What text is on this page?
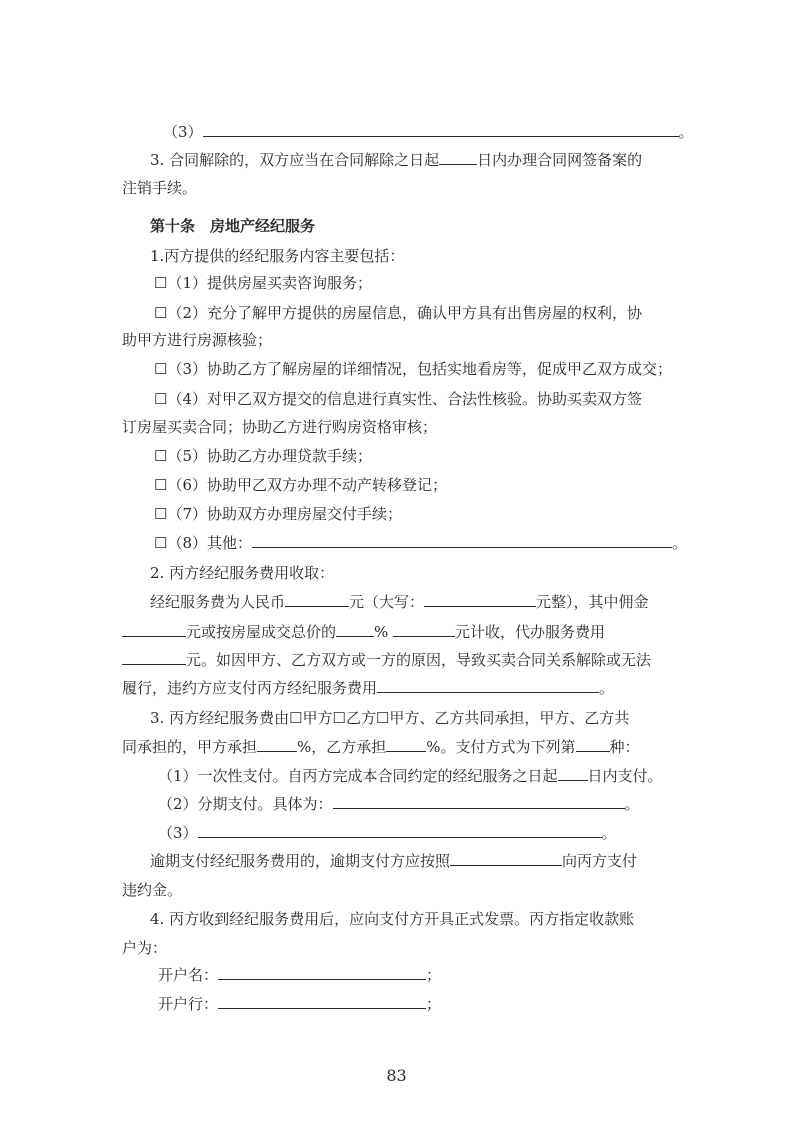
（3）	。
3. 合同解除的，双方应当在合同解除之日起	日内办理合同网签备案的
注销手续。
第十条　房地产经纪服务
1.丙方提供的经纪服务内容主要包括：
☐（1）提供房屋买卖咨询服务；
☐（2）充分了解甲方提供的房屋信息，确认甲方具有出售房屋的权利，协
助甲方进行房源核验；
☐（3）协助乙方了解房屋的详细情况，包括实地看房等，促成甲乙双方成交；
☐（4）对甲乙双方提交的信息进行真实性、合法性核验。协助买卖双方签
订房屋买卖合同；协助乙方进行购房资格审核；
☐（5）协助乙方办理贷款手续；
☐（6）协助甲乙双方办理不动产转移登记；
☐（7）协助双方办理房屋交付手续；
☐（8）其他：	。
2. 丙方经纪服务费用收取：
经纪服务费为人民币	元（大写：	元整），其中佣金
元或按房屋成交总价的	%	元计收，代办服务费用
元。如因甲方、乙方双方或一方的原因，导致买卖合同关系解除或无法
履行，违约方应支付丙方经纪服务费用	。
3. 丙方经纪服务费由☐甲方☐乙方☐甲方、乙方共同承担，甲方、乙方共
同承担的，甲方承担	%，乙方承担	%。支付方式为下列第 种：
（1）一次性支付。自丙方完成本合同约定的经纪服务之日起 日内支付。
（2）分期支付。具体为：	。
（3）	。
逾期支付经纪服务费用的，逾期支付方应按照	向丙方支付
违约金。
4. 丙方收到经纪服务费用后，应向支付方开具正式发票。丙方指定收款账
户为：
开户名：	；
开户行：	；
83
